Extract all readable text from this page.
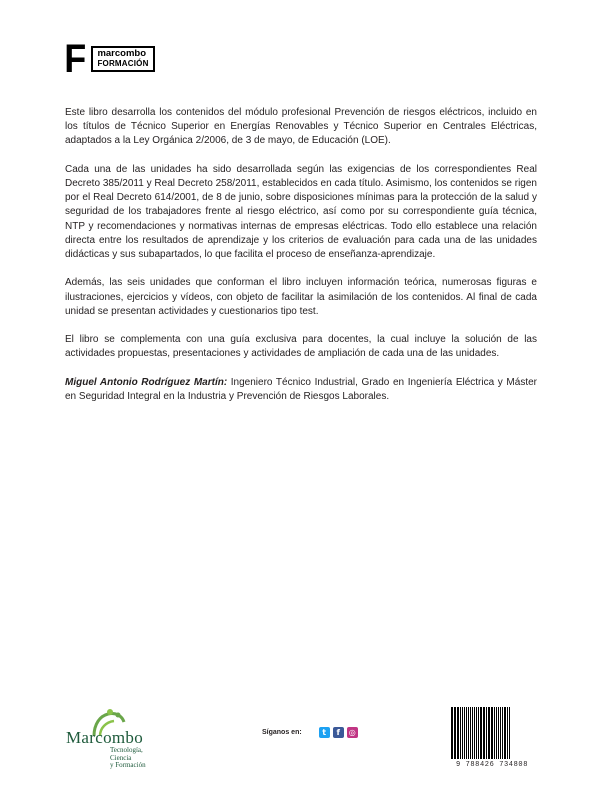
F marcombo
FORMACIÓN

Este libro desarrolla los contenidos del módulo profesional Prevención de riesgos eléctricos, incluido en los títulos de Técnico Superior en Energías Renovables y Técnico Superior en Centrales Eléctricas, adaptados a la Ley Orgánica 2/2006, de 3 de mayo, de Educación (LOE).

Cada una de las unidades ha sido desarrollada según las exigencias de los correspondientes Real Decreto 385/2011 y Real Decreto 258/2011, establecidos en cada título. Asimismo, los contenidos se rigen por el Real Decreto 614/2001, de 8 de junio, sobre disposiciones mínimas para la protección de la salud y seguridad de los trabajadores frente al riesgo eléctrico, así como por su correspondiente guía técnica, NTP y recomendaciones y normativas internas de empresas eléctricas. Todo ello establece una relación directa entre los resultados de aprendizaje y los criterios de evaluación para cada una de las unidades didácticas y sus subapartados, lo que facilita el proceso de enseñanza-aprendizaje.

Además, las seis unidades que conforman el libro incluyen información teórica, numerosas figuras e ilustraciones, ejercicios y vídeos, con objeto de facilitar la asimilación de los contenidos. Al final de cada unidad se presentan actividades y cuestionarios tipo test.

El libro se complementa con una guía exclusiva para docentes, la cual incluye la solución de las actividades propuestas, presentaciones y actividades de ampliación de cada una de las unidades.

Miguel Antonio Rodríguez Martín: Ingeniero Técnico Industrial, Grado en Ingeniería Eléctrica y Máster en Seguridad Integral en la Industria y Prevención de Riesgos Laborales.

Marcombo
Tecnología,
Ciencia
y Formación
Síganos en:	t	f	◎
9 788426 734808
